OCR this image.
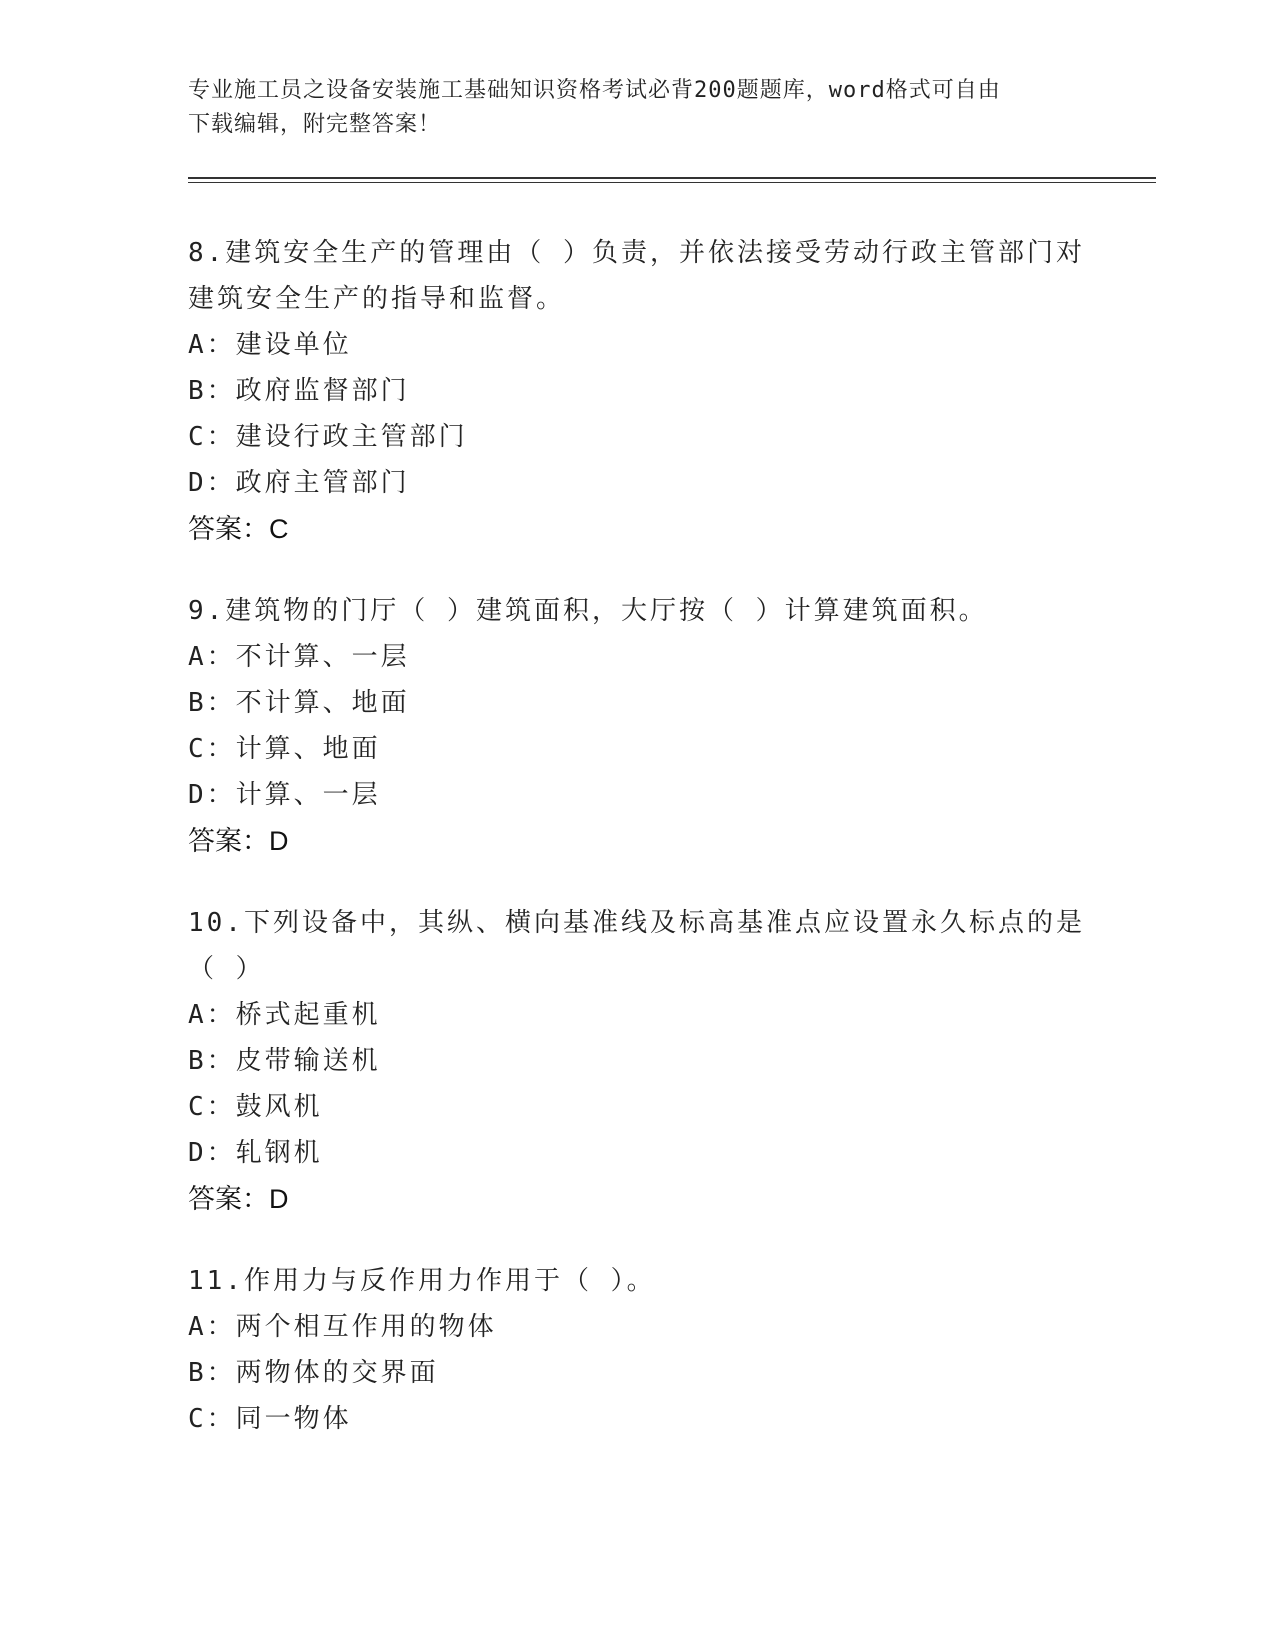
专业施工员之设备安装施工基础知识资格考试必背200题题库，word格式可自由
下载编辑，附完整答案！
8.建筑安全生产的管理由（ ）负责，并依法接受劳动行政主管部门对
建筑安全生产的指导和监督。
A：建设单位
B：政府监督部门
C：建设行政主管部门
D：政府主管部门
答案：C
9.建筑物的门厅（ ）建筑面积，大厅按（ ）计算建筑面积。
A：不计算、一层
B：不计算、地面
C：计算、地面
D：计算、一层
答案：D
10.下列设备中，其纵、横向基准线及标高基准点应设置永久标点的是
（ ）
A：桥式起重机
B：皮带输送机
C：鼓风机
D：轧钢机
答案：D
11.作用力与反作用力作用于（ ）。
A：两个相互作用的物体
B：两物体的交界面
C：同一物体
